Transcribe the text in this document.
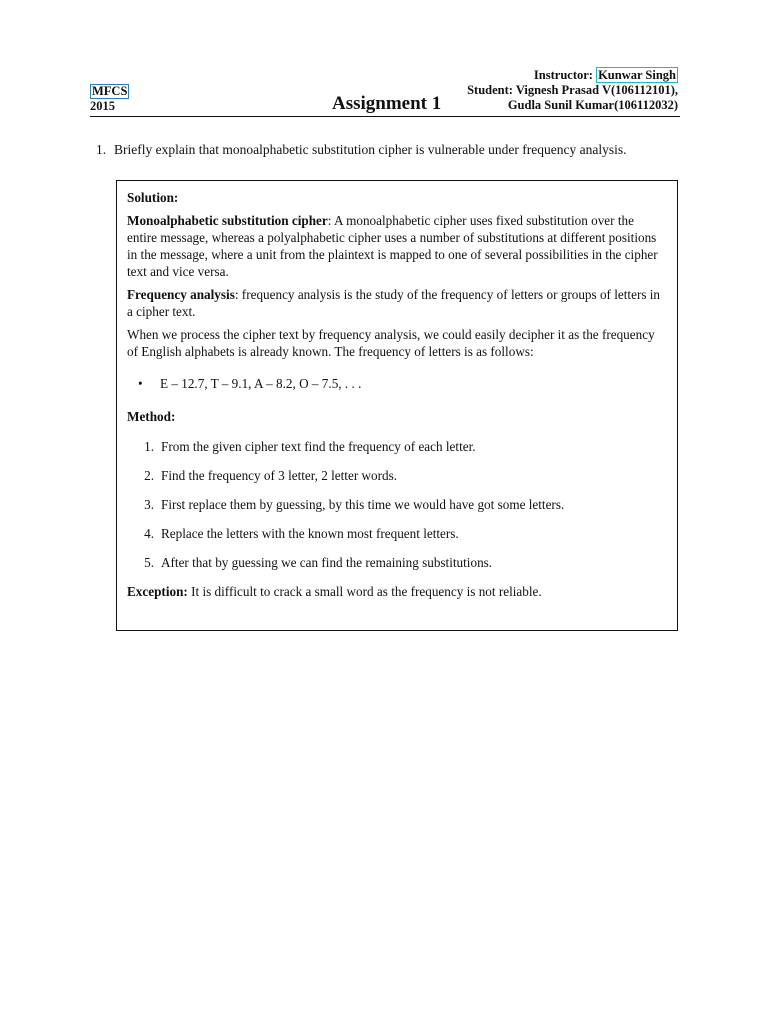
MFCS
2015	Assignment 1
Instructor: Kunwar Singh
Student: Vignesh Prasad V(106112101),
Gudla Sunil Kumar(106112032)
1. Briefly explain that monoalphabetic substitution cipher is vulnerable under frequency analysis.

Solution:

Monoalphabetic substitution cipher: A monoalphabetic cipher uses fixed substitution over the entire message, whereas a polyalphabetic cipher uses a number of substitutions at different positions in the message, where a unit from the plaintext is mapped to one of several possibilities in the cipher text and vice versa.

Frequency analysis: frequency analysis is the study of the frequency of letters or groups of letters in a cipher text.

When we process the cipher text by frequency analysis, we could easily decipher it as the frequency of English alphabets is already known. The frequency of letters is as follows:

•	E – 12.7, T – 9.1, A – 8.2, O – 7.5, . . .

Method:

1. From the given cipher text find the frequency of each letter.
2. Find the frequency of 3 letter, 2 letter words.
3. First replace them by guessing, by this time we would have got some letters.
4. Replace the letters with the known most frequent letters.
5. After that by guessing we can find the remaining substitutions.

Exception: It is difficult to crack a small word as the frequency is not reliable.
